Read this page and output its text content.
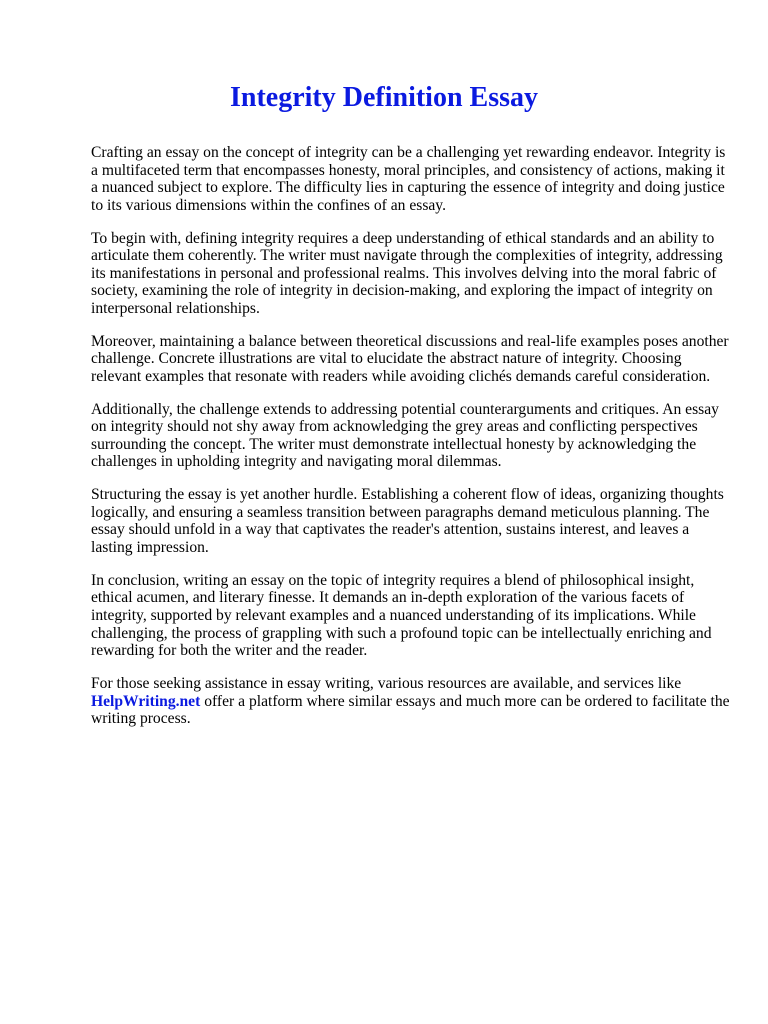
Integrity Definition Essay

Crafting an essay on the concept of integrity can be a challenging yet rewarding endeavor. Integrity is a multifaceted term that encompasses honesty, moral principles, and consistency of actions, making it a nuanced subject to explore. The difficulty lies in capturing the essence of integrity and doing justice to its various dimensions within the confines of an essay.

To begin with, defining integrity requires a deep understanding of ethical standards and an ability to articulate them coherently. The writer must navigate through the complexities of integrity, addressing its manifestations in personal and professional realms. This involves delving into the moral fabric of society, examining the role of integrity in decision-making, and exploring the impact of integrity on interpersonal relationships.

Moreover, maintaining a balance between theoretical discussions and real-life examples poses another challenge. Concrete illustrations are vital to elucidate the abstract nature of integrity. Choosing relevant examples that resonate with readers while avoiding clichés demands careful consideration.

Additionally, the challenge extends to addressing potential counterarguments and critiques. An essay on integrity should not shy away from acknowledging the grey areas and conflicting perspectives surrounding the concept. The writer must demonstrate intellectual honesty by acknowledging the challenges in upholding integrity and navigating moral dilemmas.

Structuring the essay is yet another hurdle. Establishing a coherent flow of ideas, organizing thoughts logically, and ensuring a seamless transition between paragraphs demand meticulous planning. The essay should unfold in a way that captivates the reader's attention, sustains interest, and leaves a lasting impression.

In conclusion, writing an essay on the topic of integrity requires a blend of philosophical insight, ethical acumen, and literary finesse. It demands an in-depth exploration of the various facets of integrity, supported by relevant examples and a nuanced understanding of its implications. While challenging, the process of grappling with such a profound topic can be intellectually enriching and rewarding for both the writer and the reader.

For those seeking assistance in essay writing, various resources are available, and services like HelpWriting.net offer a platform where similar essays and much more can be ordered to facilitate the writing process.
